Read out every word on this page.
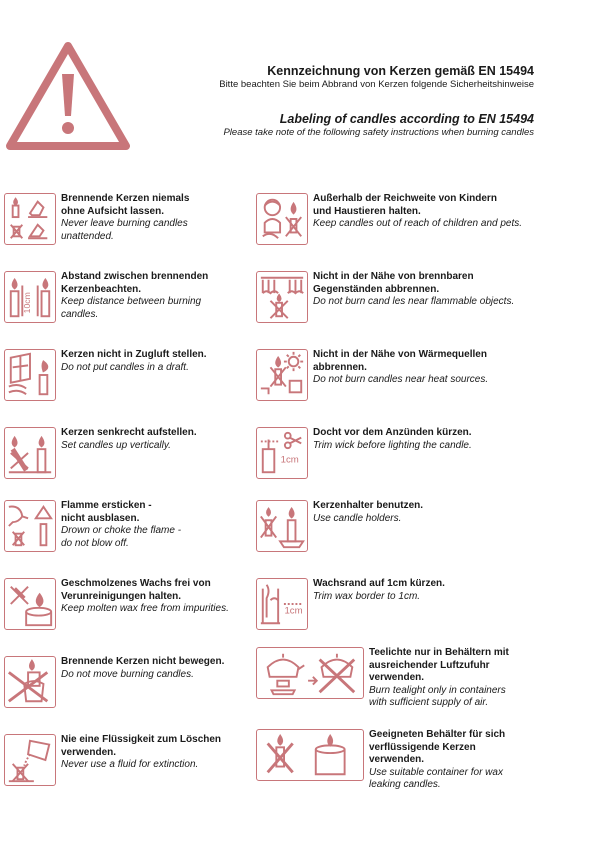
Kennzeichnung von Kerzen gemäß EN 15494
Bitte beachten Sie beim Abbrand von Kerzen folgende Sicherheitshinweise
Labeling of candles according to EN 15494
Please take note of the following safety instructions when burning candles
Brennende Kerzen niemals
ohne Aufsicht lassen.
Never leave burning candles
unattended.
10cm
Abstand zwischen brennenden
Kerzenbeachten.
Keep distance between burning
candles.
Kerzen nicht in Zugluft stellen.
Do not put candles in a draft.
Kerzen senkrecht aufstellen.
Set candles up vertically.
Flamme ersticken -
nicht ausblasen.
Drown or choke the flame -
do not blow off.
Geschmolzenes Wachs frei von
Verunreinigungen halten.
Keep molten wax free from impurities.
Brennende Kerzen nicht bewegen.
Do not move burning candles.
Nie eine Flüssigkeit zum Löschen
verwenden.
Never use a fluid for extinction.
Außerhalb der Reichweite von Kindern
und Haustieren halten.
Keep candles out of reach of children and pets.
Nicht in der Nähe von brennbaren
Gegenständen abbrennen.
Do not burn cand les near flammable objects.
Nicht in der Nähe von Wärmequellen
abbrennen.
Do not burn candles near heat sources.
1cm
Docht vor dem Anzünden kürzen.
Trim wick before lighting the candle.
Kerzenhalter benutzen.
Use candle holders.
1cm
Wachsrand auf 1cm kürzen.
Trim wax border to 1cm.
Teelichte nur in Behältern mit
ausreichender Luftzufuhr
verwenden.
Burn tealight only in containers
with sufficient supply of air.
Geeigneten Behälter für sich
verflüssigende Kerzen
verwenden.
Use suitable container for wax
leaking candles.
